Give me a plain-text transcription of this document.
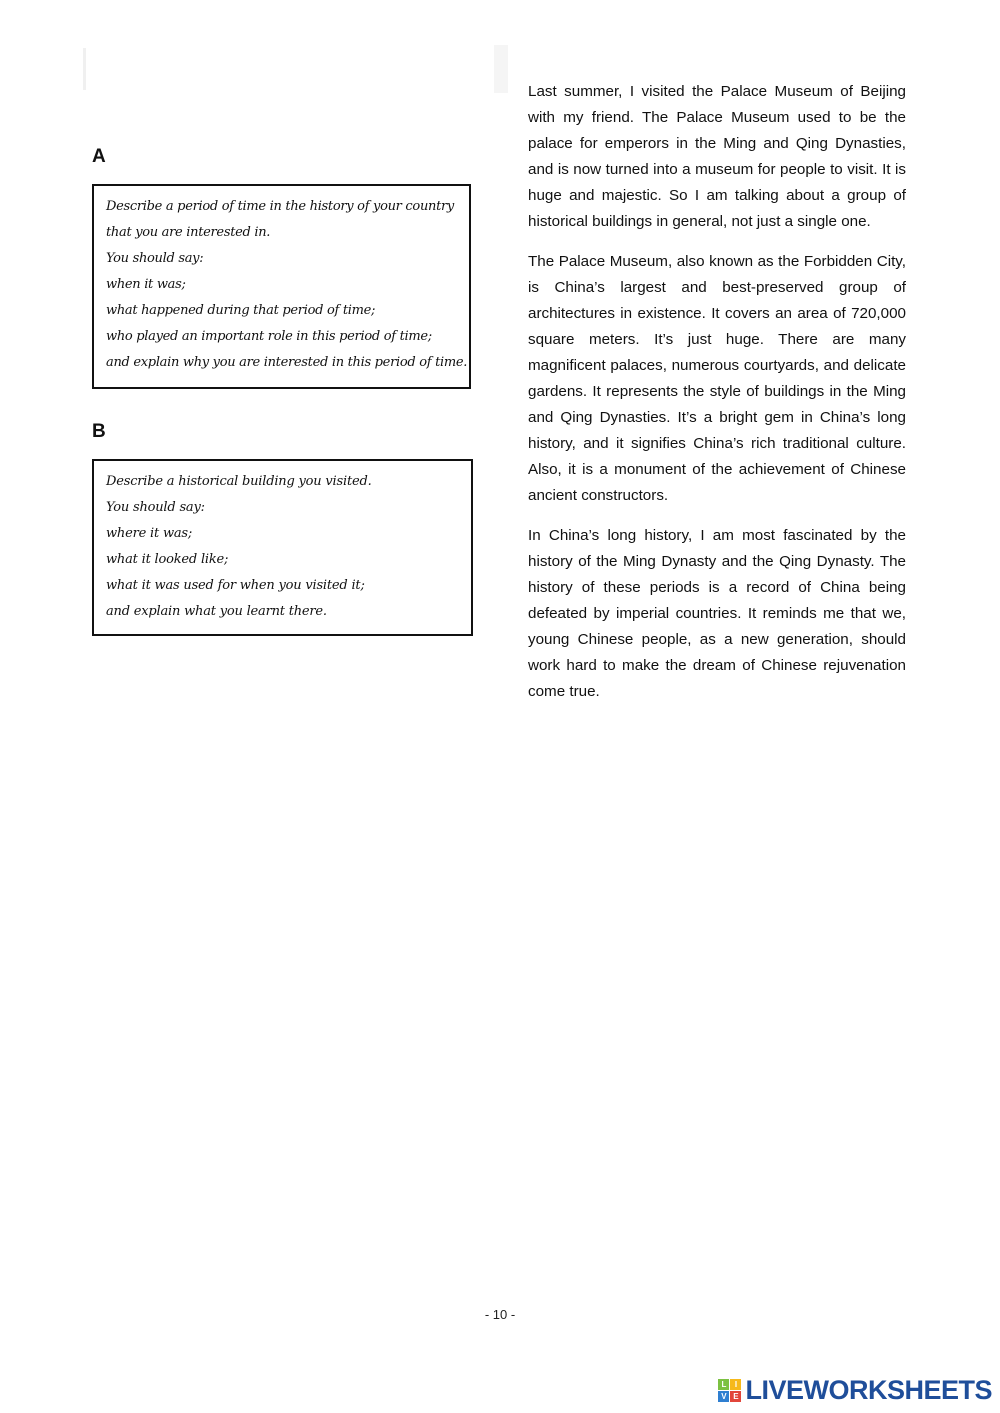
A
Describe a period of time in the history of your country
that you are interested in.
You should say:
when it was;
what happened during that period of time;
who played an important role in this period of time;
and explain why you are interested in this period of time.
B
Describe a historical building you visited.
You should say:
where it was;
what it looked like;
what it was used for when you visited it;
and explain what you learnt there.

Last summer, I visited the Palace Museum of Beijing with my friend. The Palace Museum used to be the palace for emperors in the Ming and Qing Dynasties, and is now turned into a museum for people to visit. It is huge and majestic. So I am talking about a group of historical buildings in general, not just a single one.

The Palace Museum, also known as the Forbidden City, is China’s largest and best-preserved group of architectures in existence. It covers an area of 720,000 square meters. It’s just huge. There are many magnificent palaces, numerous courtyards, and delicate gardens. It represents the style of buildings in the Ming and Qing Dynasties. It’s a bright gem in China’s long history, and it signifies China’s rich traditional culture. Also, it is a monument of the achievement of Chinese ancient constructors.

In China’s long history, I am most fascinated by the history of the Ming Dynasty and the Qing Dynasty. The history of these periods is a record of China being defeated by imperial countries. It reminds me that we, young Chinese people, as a new generation, should work hard to make the dream of Chinese rejuvenation come true.

- 10 -
L	I
V E LIVEWORKSHEETS
